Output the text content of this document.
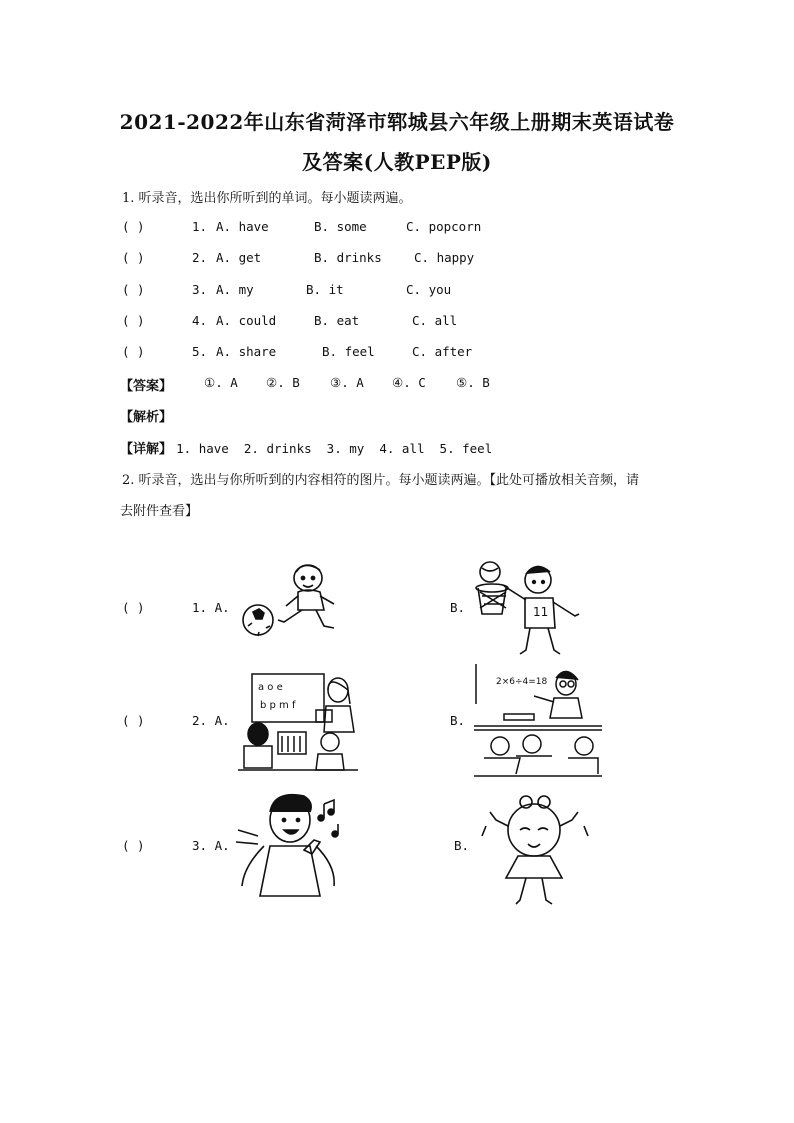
2021-2022年山东省菏泽市郓城县六年级上册期末英语试卷
及答案(人教PEP版)
1. 听录音，选出你所听到的单词。每小题读两遍。
( )	1. A. have	B. some	C. popcorn
( )	2. A. get	B. drinks	C. happy
( )	3. A. my	B. it	C. you
( )	4. A. could	B. eat	C. all
( )	5. A. share	B. feel	C. after
【答案】	①. A ②. B ③. A ④. C ⑤. B
【解析】
【详解】 1. have  2. drinks  3. my  4. all  5. feel
2. 听录音，选出与你所听到的内容相符的图片。每小题读两遍。【此处可播放相关音频，请
去附件查看】
( )	1. A.	B.	11
( )	2. A.	B.
a o e
b p m f
2×6÷4=18
( )	3. A.	B.
